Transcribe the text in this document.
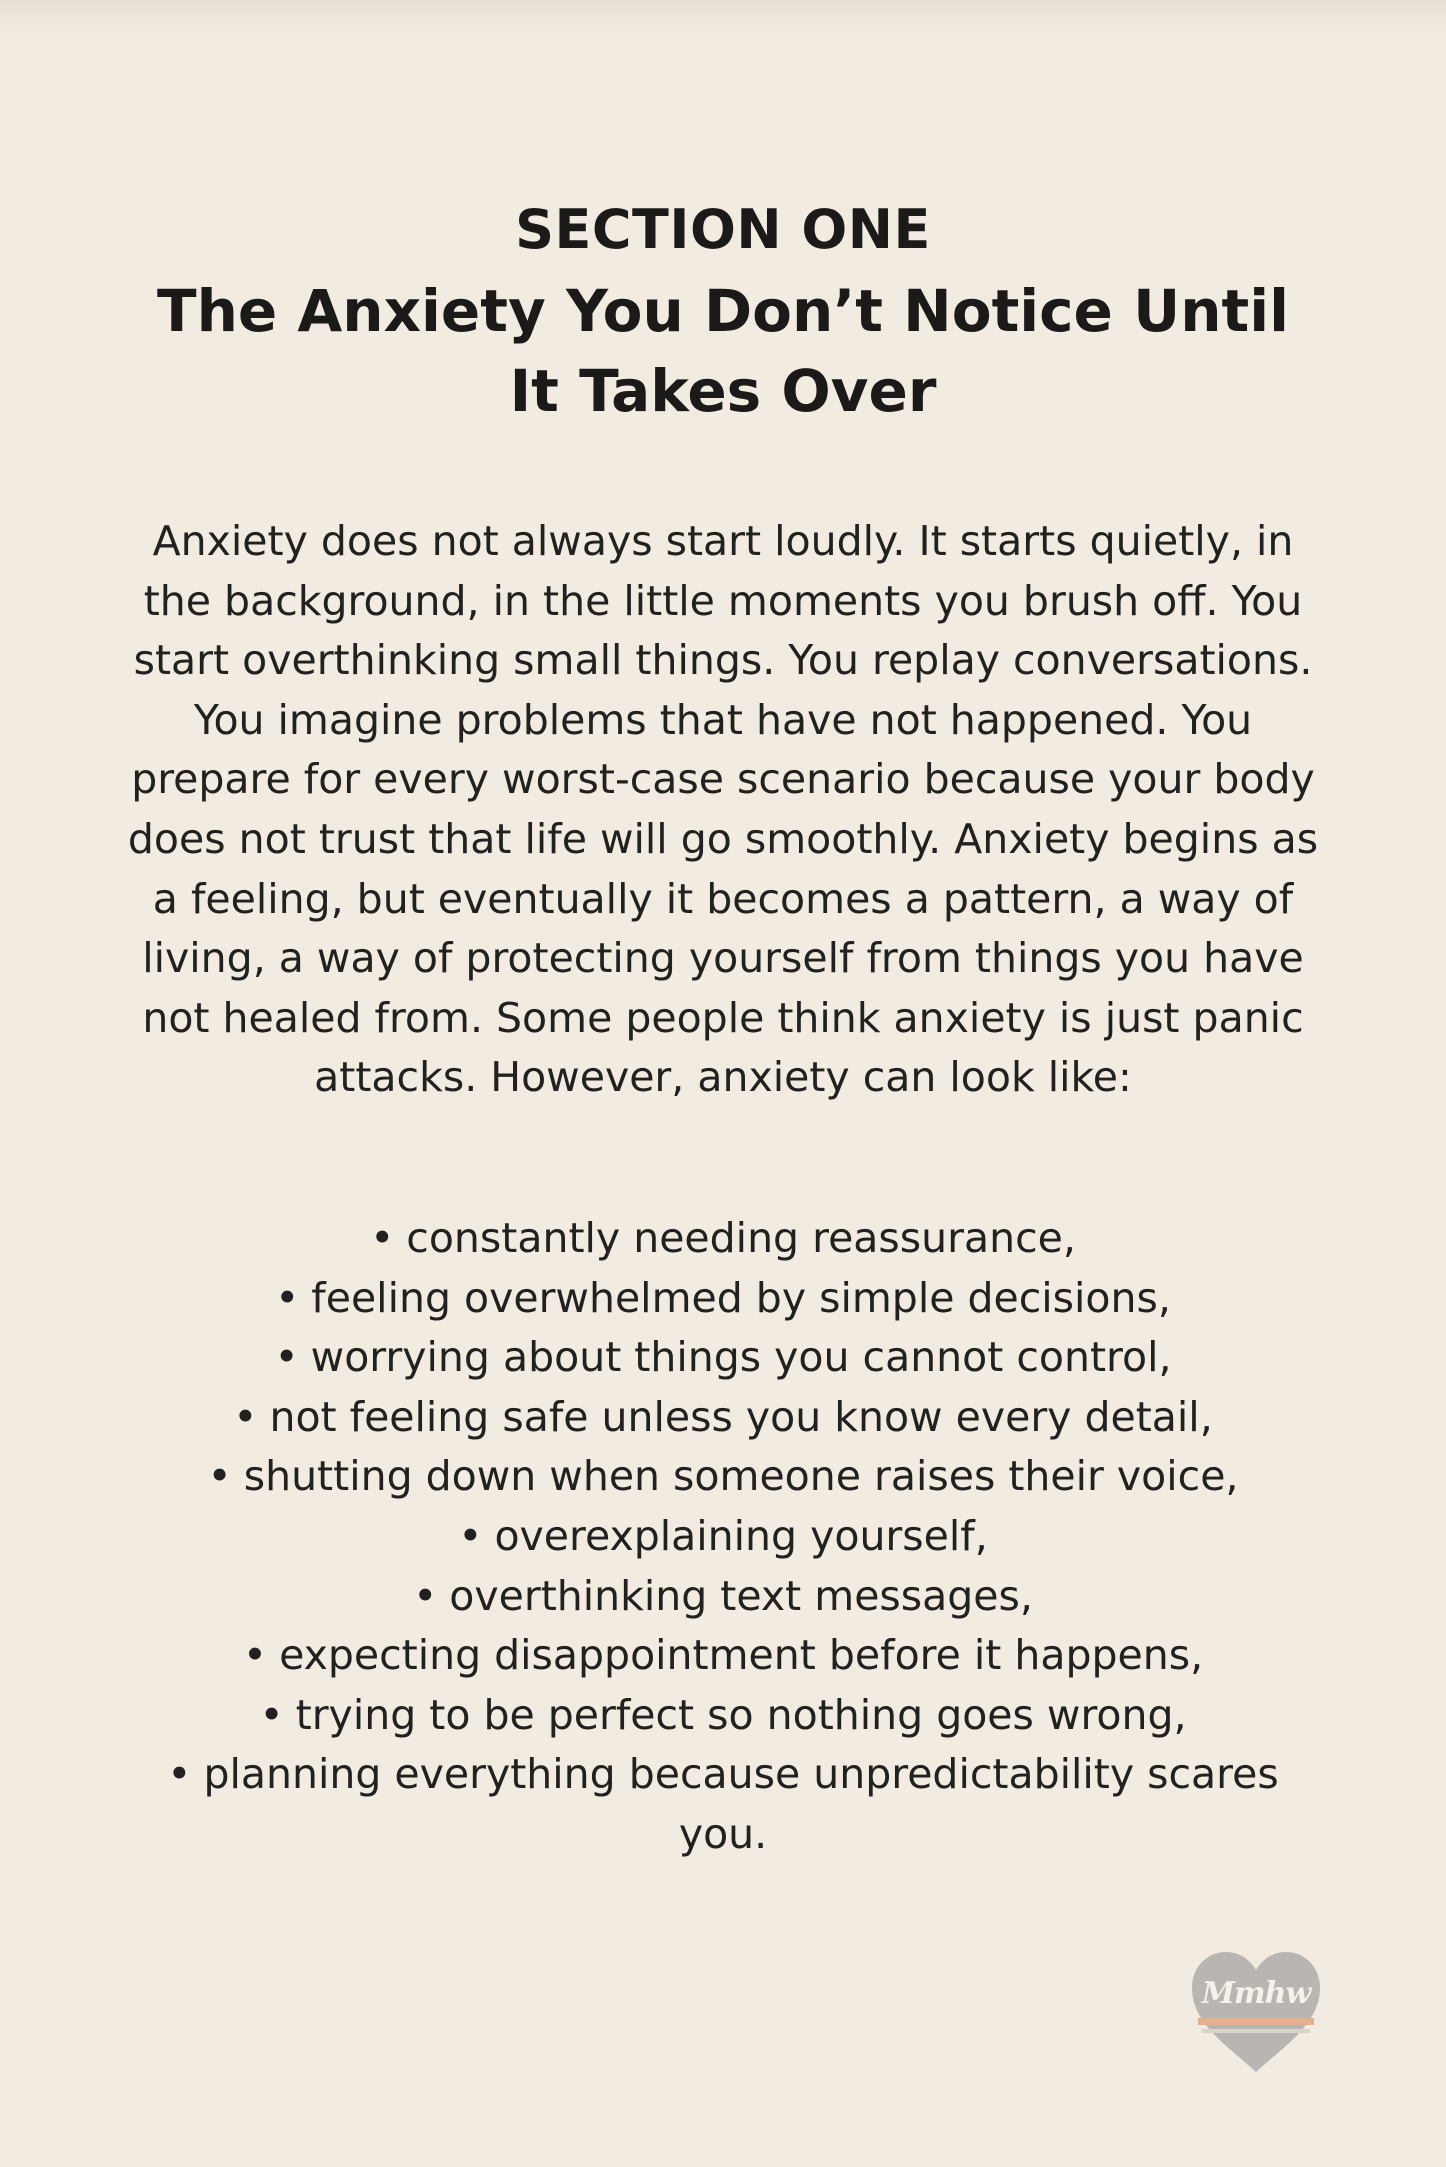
SECTION ONE
The Anxiety You Don’t Notice Until It Takes Over

Anxiety does not always start loudly. It starts quietly, in the background, in the little moments you brush off. You start overthinking small things. You replay conversations. You imagine problems that have not happened. You prepare for every worst-case scenario because your body does not trust that life will go smoothly. Anxiety begins as a feeling, but eventually it becomes a pattern, a way of living, a way of protecting yourself from things you have not healed from. Some people think anxiety is just panic attacks. However, anxiety can look like:

• constantly needing reassurance,
• feeling overwhelmed by simple decisions,
• worrying about things you cannot control,
• not feeling safe unless you know every detail,
• shutting down when someone raises their voice,
• overexplaining yourself,
• overthinking text messages,
• expecting disappointment before it happens,
• trying to be perfect so nothing goes wrong,
• planning everything because unpredictability scares you.
Mmhw
